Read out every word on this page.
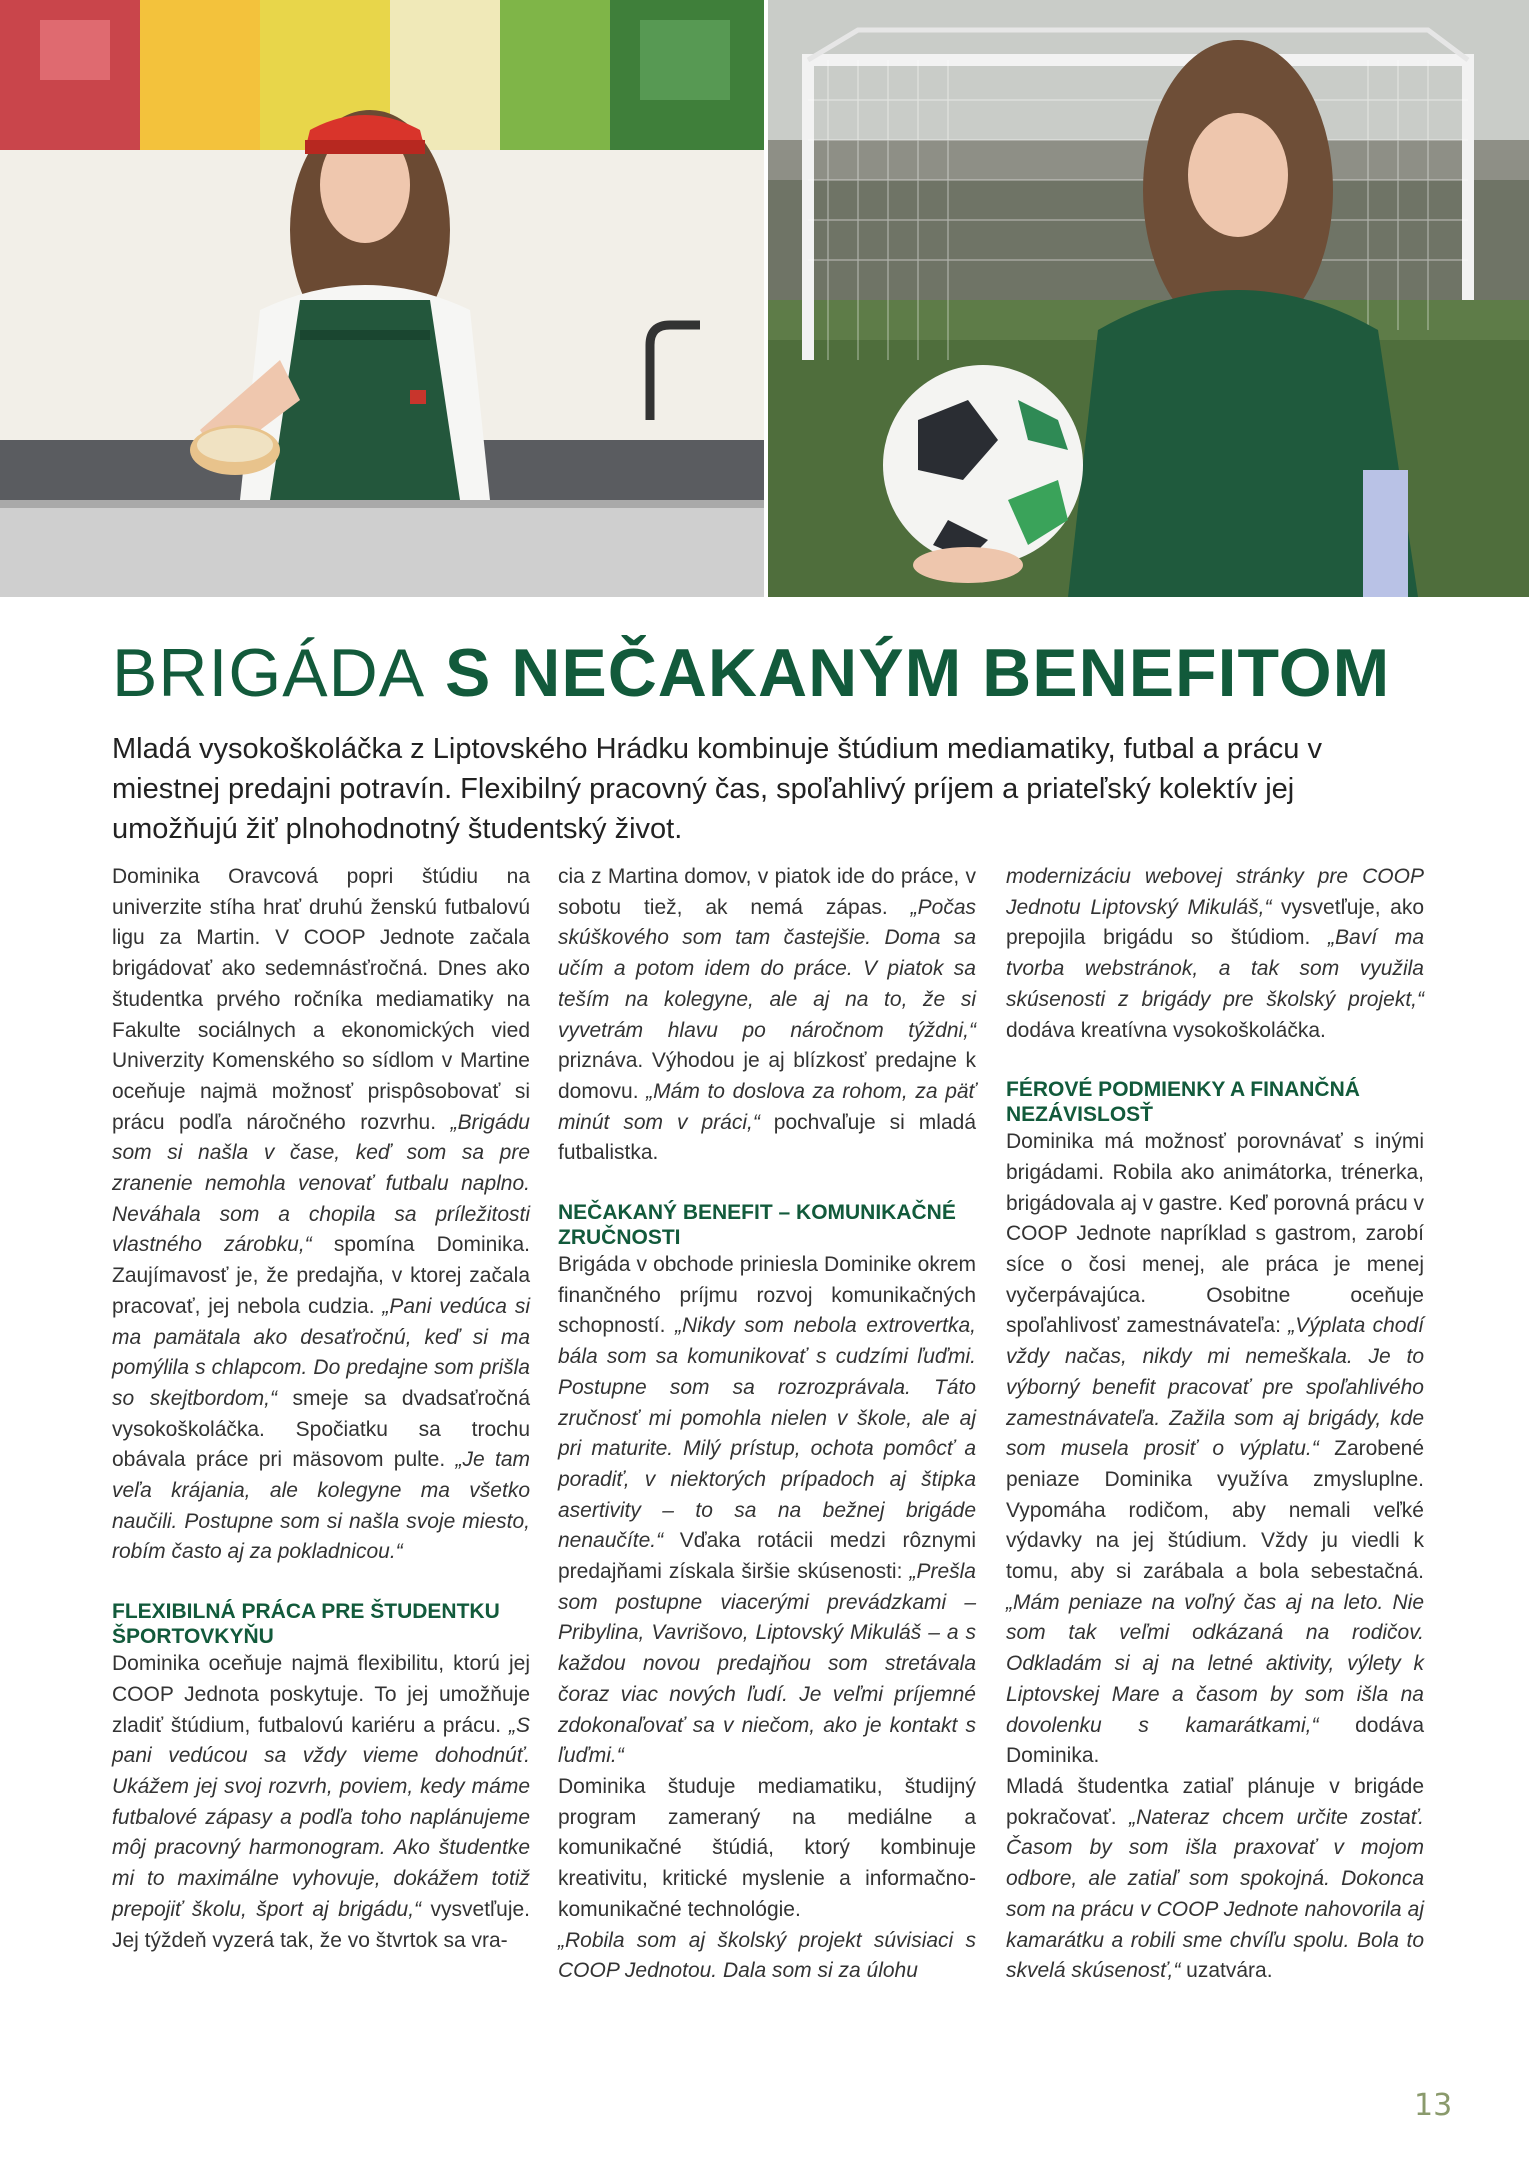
BRIGÁDA S NEČAKANÝM BENEFITOM

Mladá vysokoškoláčka z Liptovského Hrádku kombinuje štúdium mediamatiky, futbal a prácu v miestnej predajni potravín. Flexibilný pracovný čas, spoľahlivý príjem a priateľský kolektív jej umožňujú žiť plnohodnotný študentský život.

Dominika Oravcová popri štúdiu na univerzite stíha hrať druhú ženskú futbalovú ligu za Martin. V COOP Jednote začala brigádovať ako sedemnásťročná. Dnes ako študentka prvého ročníka mediamatiky na Fakulte sociálnych a ekonomických vied Univerzity Komenského so sídlom v Martine oceňuje najmä možnosť prispôsobovať si prácu podľa náročného rozvrhu. „Brigádu som si našla v čase, keď som sa pre zranenie nemohla venovať futbalu naplno. Neváhala som a chopila sa príležitosti vlastného zárobku,“ spomína Dominika. Zaujímavosť je, že predajňa, v ktorej začala pracovať, jej nebola cudzia. „Pani vedúca si ma pamätala ako desaťročnú, keď si ma pomýlila s chlapcom. Do predajne som prišla so skejtbordom,“ smeje sa dvadsaťročná vysokoškoláčka. Spočiatku sa trochu obávala práce pri mäsovom pulte. „Je tam veľa krájania, ale kolegyne ma všetko naučili. Postupne som si našla svoje miesto, robím často aj za pokladnicou.“

FLEXIBILNÁ PRÁCA PRE ŠTUDENTKU ŠPORTOVKYŇU

Dominika oceňuje najmä flexibilitu, ktorú jej COOP Jednota poskytuje. To jej umožňuje zladiť štúdium, futbalovú kariéru a prácu. „S pani vedúcou sa vždy vieme dohodnúť. Ukážem jej svoj rozvrh, poviem, kedy máme futbalové zápasy a podľa toho naplánujeme môj pracovný harmonogram. Ako študentke mi to maximálne vyhovuje, dokážem totiž prepojiť školu, šport aj brigádu,“ vysvetľuje. Jej týždeň vyzerá tak, že vo štvrtok sa vra-

cia z Martina domov, v piatok ide do práce, v sobotu tiež, ak nemá zápas. „Počas skúškového som tam častejšie. Doma sa učím a potom idem do práce. V piatok sa teším na kolegyne, ale aj na to, že si vyvetrám hlavu po náročnom týždni,“ priznáva. Výhodou je aj blízkosť predajne k domovu. „Mám to doslova za rohom, za päť minút som v práci,“ pochvaľuje si mladá futbalistka.

NEČAKANÝ BENEFIT – KOMUNIKAČNÉ ZRUČNOSTI

Brigáda v obchode priniesla Dominike okrem finančného príjmu rozvoj komunikačných schopností. „Nikdy som nebola extrovertka, bála som sa komunikovať s cudzími ľuďmi. Postupne som sa rozrozprávala. Táto zručnosť mi pomohla nielen v škole, ale aj pri maturite. Milý prístup, ochota pomôcť a poradiť, v niektorých prípadoch aj štipka asertivity – to sa na bežnej brigáde nenaučíte.“ Vďaka rotácii medzi rôznymi predajňami získala širšie skúsenosti: „Prešla som postupne viacerými prevádzkami – Pribylina, Vavrišovo, Liptovský Mikuláš – a s každou novou predajňou som stretávala čoraz viac nových ľudí. Je veľmi príjemné zdokonaľovať sa v niečom, ako je kontakt s ľuďmi.“

Dominika študuje mediamatiku, študijný program zameraný na mediálne a komunikačné štúdiá, ktorý kombinuje kreativitu, kritické myslenie a informačno-komunikačné technológie.

„Robila som aj školský projekt súvisiaci s COOP Jednotou. Dala som si za úlohu

modernizáciu webovej stránky pre COOP Jednotu Liptovský Mikuláš,“ vysvetľuje, ako prepojila brigádu so štúdiom. „Baví ma tvorba webstránok, a tak som využila skúsenosti z brigády pre školský projekt,“ dodáva kreatívna vysokoškoláčka.

FÉROVÉ PODMIENKY A FINANČNÁ NEZÁVISLOSŤ

Dominika má možnosť porovnávať s inými brigádami. Robila ako animátorka, trénerka, brigádovala aj v gastre. Keď porovná prácu v COOP Jednote napríklad s gastrom, zarobí síce o čosi menej, ale práca je menej vyčerpávajúca. Osobitne oceňuje spoľahlivosť zamestnávateľa: „Výplata chodí vždy načas, nikdy mi nemeškala. Je to výborný benefit pracovať pre spoľahlivého zamestnávateľa. Zažila som aj brigády, kde som musela prosiť o výplatu.“ Zarobené peniaze Dominika využíva zmysluplne. Vypomáha rodičom, aby nemali veľké výdavky na jej štúdium. Vždy ju viedli k tomu, aby si zarábala a bola sebestačná. „Mám peniaze na voľný čas aj na leto. Nie som tak veľmi odkázaná na rodičov. Odkladám si aj na letné aktivity, výlety k Liptovskej Mare a časom by som išla na dovolenku s kamarátkami,“ dodáva Dominika.

Mladá študentka zatiaľ plánuje v brigáde pokračovať. „Nateraz chcem určite zostať. Časom by som išla praxovať v mojom odbore, ale zatiaľ som spokojná. Dokonca som na prácu v COOP Jednote nahovorila aj kamarátku a robili sme chvíľu spolu. Bola to skvelá skúsenosť,“ uzatvára.

13
